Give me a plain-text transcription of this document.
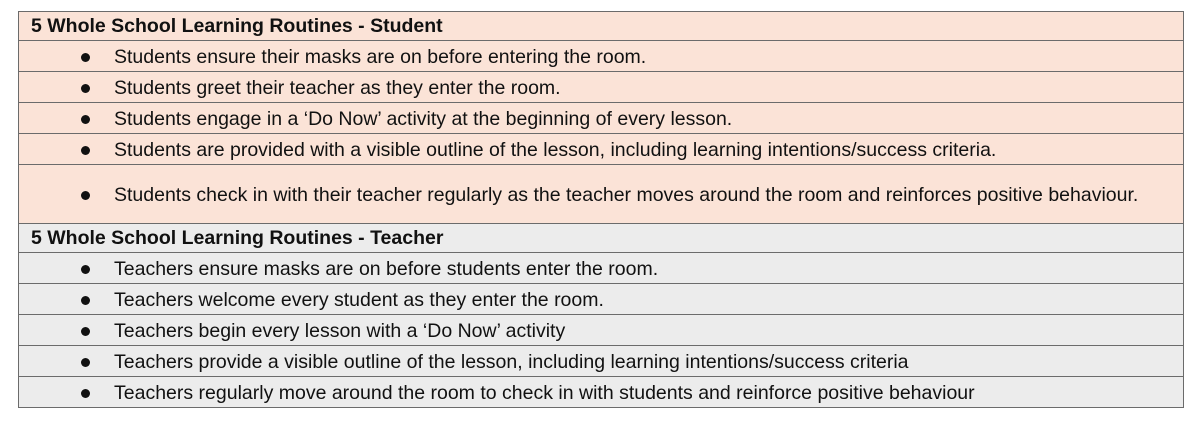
5 Whole School Learning Routines - Student

Students ensure their masks are on before entering the room.

Students greet their teacher as they enter the room.

Students engage in a ‘Do Now’ activity at the beginning of every lesson.

Students are provided with a visible outline of the lesson, including learning intentions/success criteria.

Students check in with their teacher regularly as the teacher moves around the room and reinforces positive behaviour.

5 Whole School Learning Routines - Teacher

Teachers ensure masks are on before students enter the room.

Teachers welcome every student as they enter the room.

Teachers begin every lesson with a ‘Do Now’ activity

Teachers provide a visible outline of the lesson, including learning intentions/success criteria

Teachers regularly move around the room to check in with students and reinforce positive behaviour
